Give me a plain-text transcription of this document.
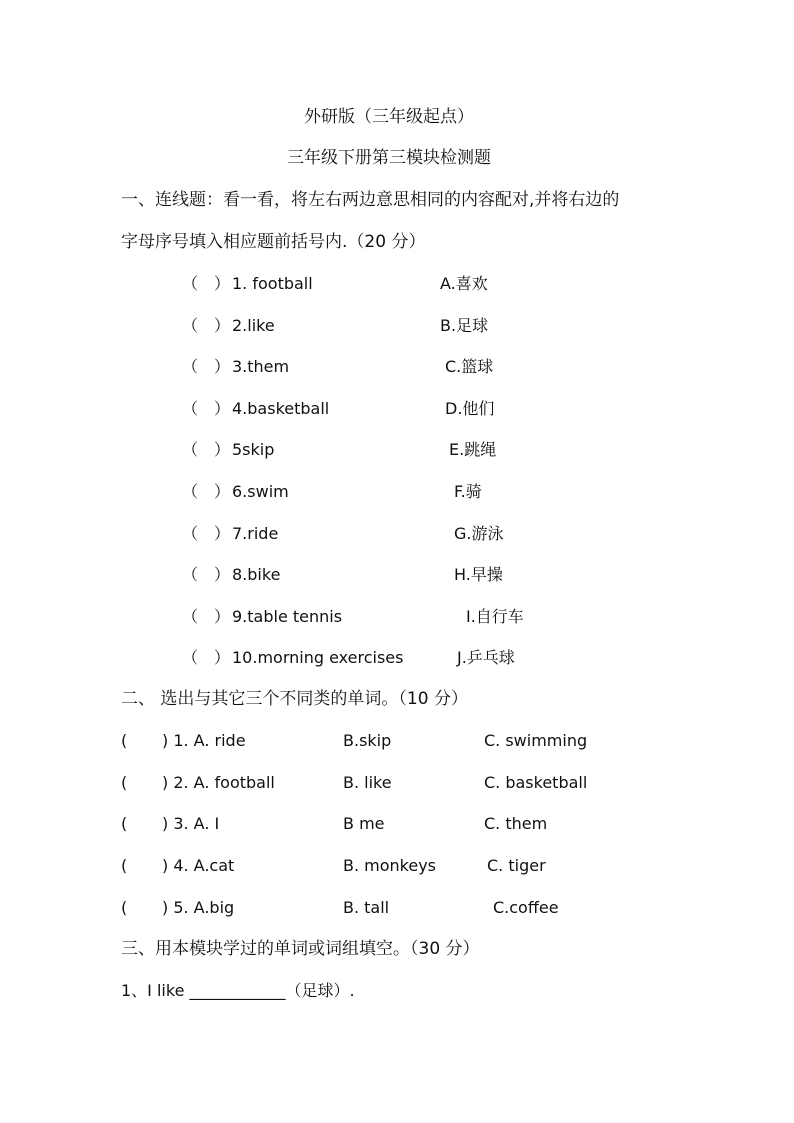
外研版（三年级起点）
三年级下册第三模块检测题
一、连线题：看一看，将左右两边意思相同的内容配对,并将右边的
字母序号填入相应题前括号内.（20 分）
（　） 1. football	A.喜欢
（　） 2.like	B.足球
（　） 3.them	C.篮球
（　） 4.basketball	D.他们
（　） 5skip	E.跳绳
（　） 6.swim	F.骑
（　） 7.ride	G.游泳
（　） 8.bike	H.早操
（　） 9.table tennis	I.自行车
（　） 10.morning exercises	J.乒乓球
二、 选出与其它三个不同类的单词。（10 分）
( ) 1. A. ride	B.skip	C. swimming
( ) 2. A. football	B. like	C. basketball
( ) 3. A. I	B me	C. them
( ) 4. A.cat	B. monkeys	C. tiger
( ) 5. A.big	B. tall	C.coffee
三、用本模块学过的单词或词组填空。（30 分）
1、I like ____________（足球）.
